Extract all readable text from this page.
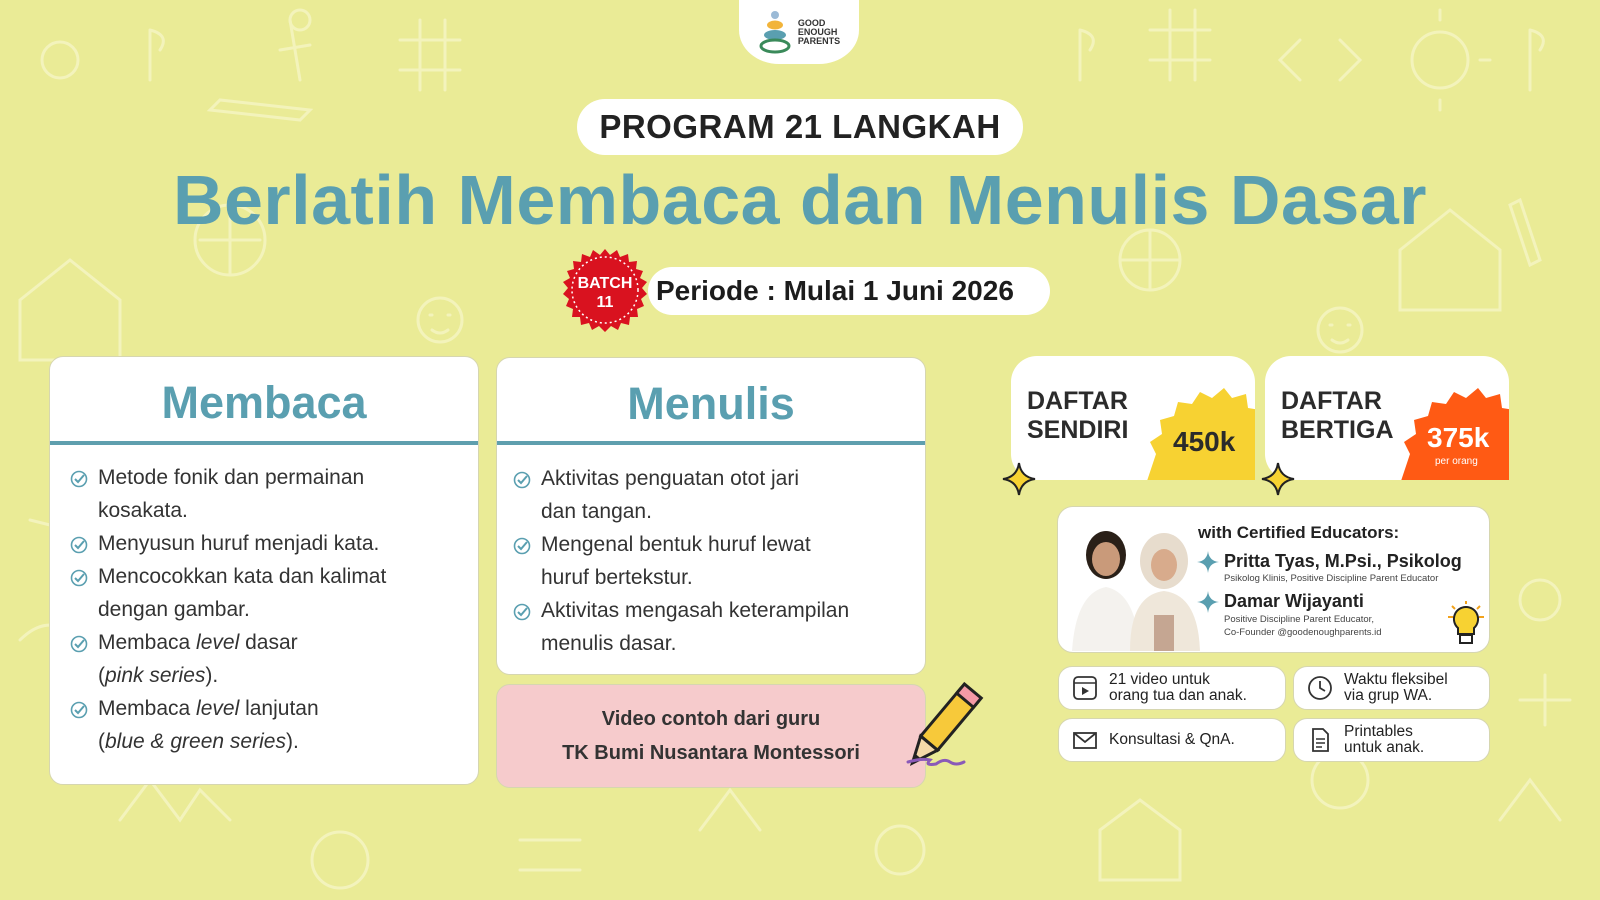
GOOD
ENOUGH
PARENTS
PROGRAM 21 LANGKAH
Berlatih Membaca dan Menulis Dasar
Periode : Mulai 1 Juni 2026
BATCH
11
Membaca
Metode fonik dan permainan
kosakata.
Menyusun huruf menjadi kata.
Mencocokkan kata dan kalimat
dengan gambar.
Membaca level dasar
(pink series).
Membaca level lanjutan
(blue & green series).
Menulis
Aktivitas penguatan otot jari
dan tangan.
Mengenal bentuk huruf lewat
huruf bertekstur.
Aktivitas mengasah keterampilan
menulis dasar.
Video contoh dari guru
TK Bumi Nusantara Montessori
DAFTAR
SENDIRI 450k
DAFTAR
BERTIGA 375k
per orang
with Certified Educators:
Pritta Tyas, M.Psi., Psikolog
Psikolog Klinis, Positive Discipline Parent Educator
Damar Wijayanti
Positive Discipline Parent Educator,
Co-Founder @goodenoughparents.id
21 video untuk
orang tua dan anak.
Waktu fleksibel
via grup WA.
Konsultasi & QnA.	Printables
untuk anak.
